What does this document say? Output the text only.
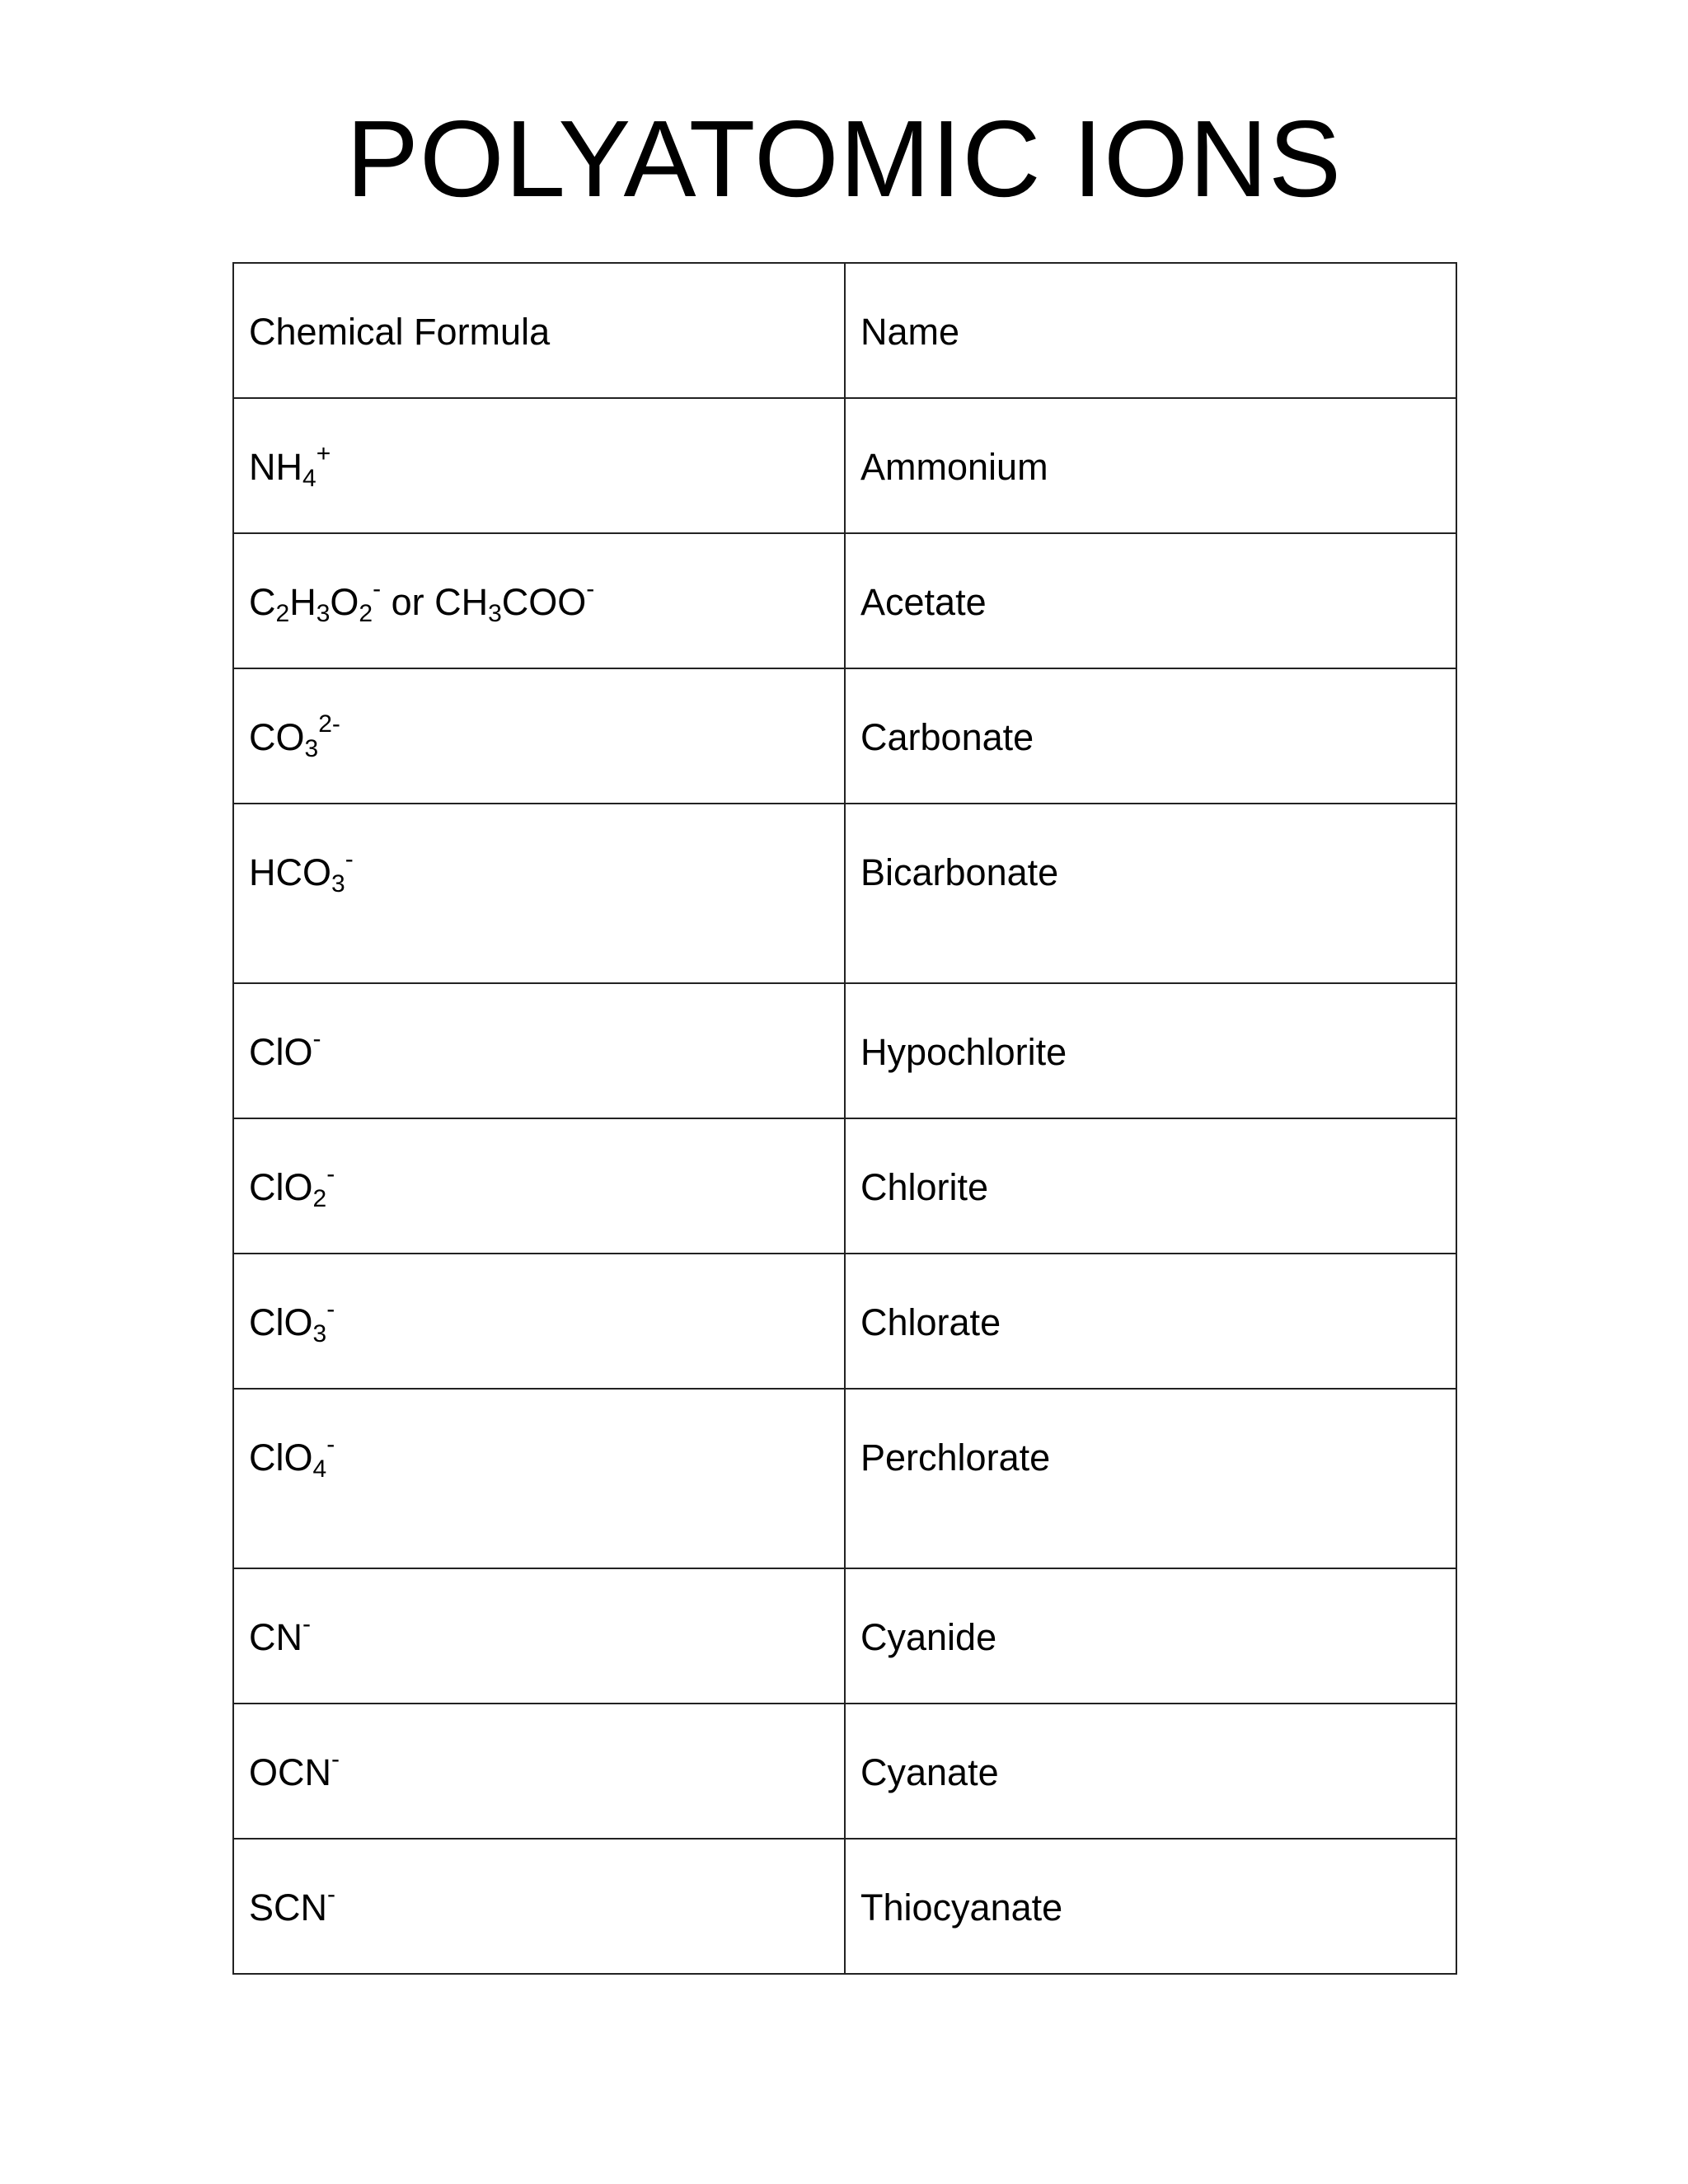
POLYATOMIC IONS
Chemical Formula	Name
$NH_4^+$	Ammonium
$C_2H_3O_2^-$ or $CH_3COO^-$	Acetate
$CO_3^{2-}$	Carbonate
$HCO_3^-$	Bicarbonate
ClO-	Hypochlorite
ClO$_2$-	Chlorite
ClO$_3$-	Chlorate
ClO$_4$-	Perchlorate
CN-	Cyanide
OCN-	Cyanate
SCN-	Thiocyanate
